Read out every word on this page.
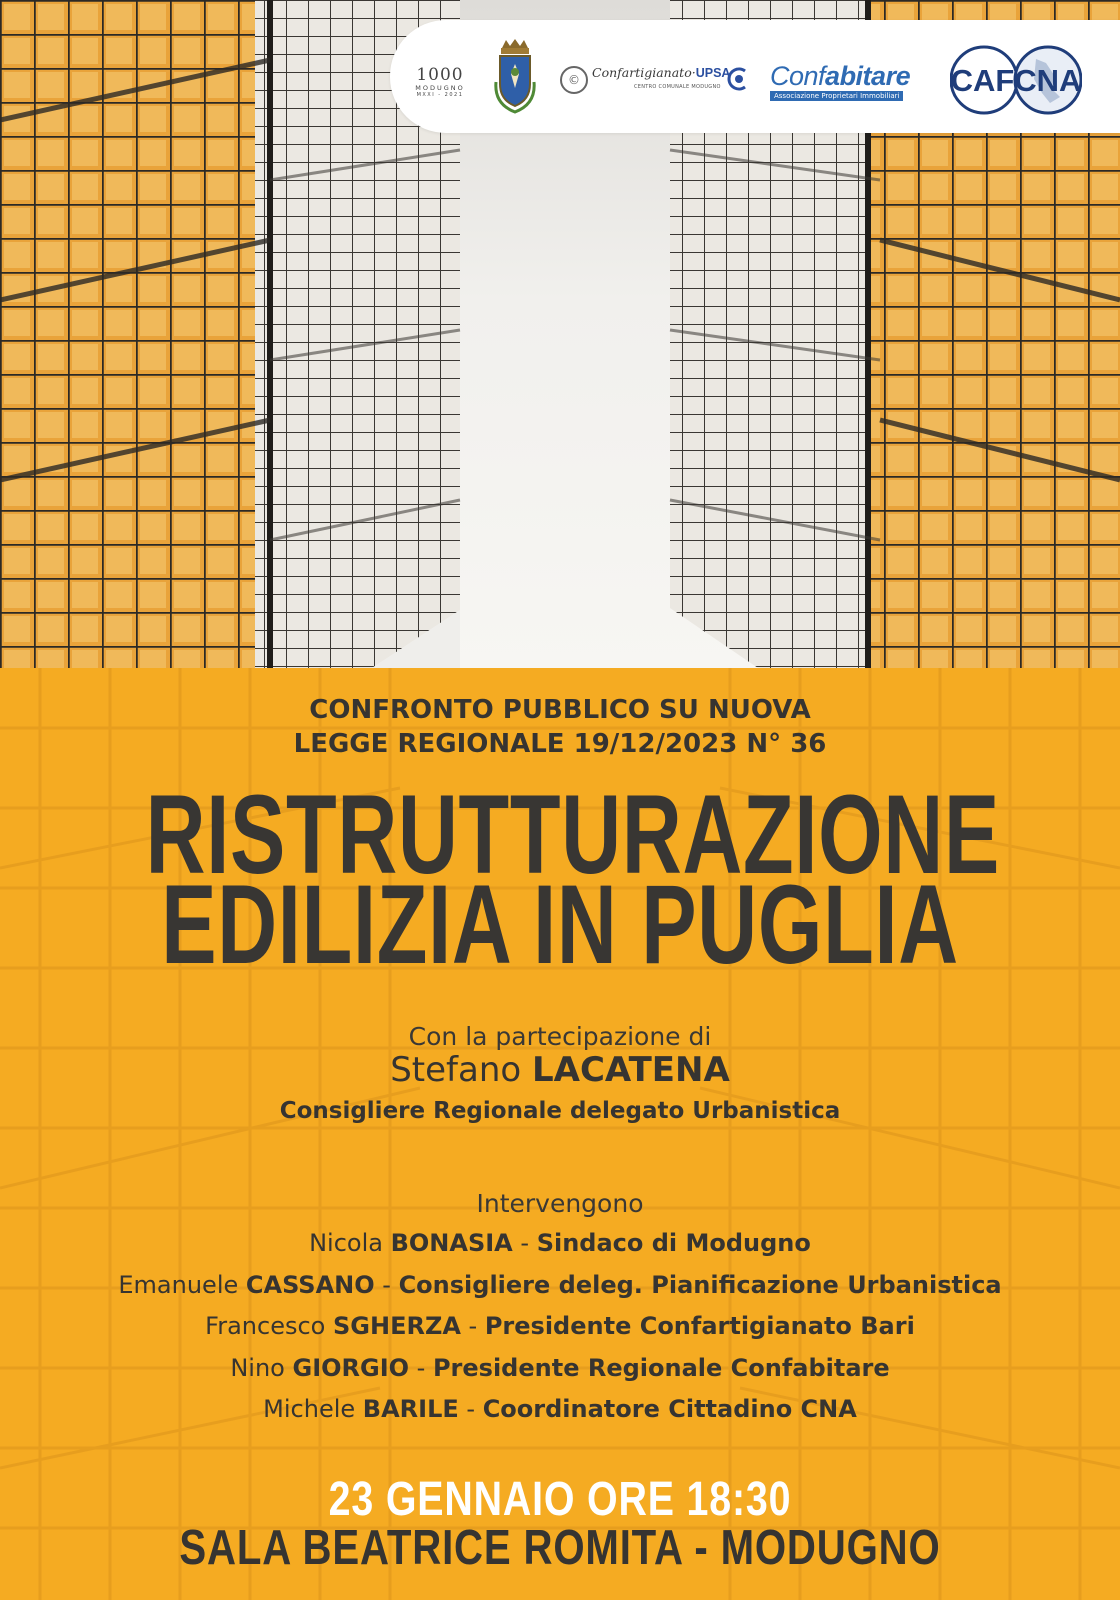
1000
MODUGNO
MXXI - 2021
© Confartigianato·UPSA
CENTRO COMUNALE MODUGNO Confabitare
Associazione Proprietari Immobiliari CAFCNA
CONFRONTO PUBBLICO SU NUOVA
LEGGE REGIONALE 19/12/2023 N° 36
RISTRUTTURAZIONE
EDILIZIA IN PUGLIA
Con la partecipazione di
Stefano LACATENA
Consigliere Regionale delegato Urbanistica
Intervengono
Nicola BONASIA - Sindaco di Modugno
Emanuele CASSANO - Consigliere deleg. Pianificazione Urbanistica
Francesco SGHERZA - Presidente Confartigianato Bari
Nino GIORGIO - Presidente Regionale Confabitare
Michele BARILE - Coordinatore Cittadino CNA
23 GENNAIO ORE 18:30
SALA BEATRICE ROMITA - MODUGNO
